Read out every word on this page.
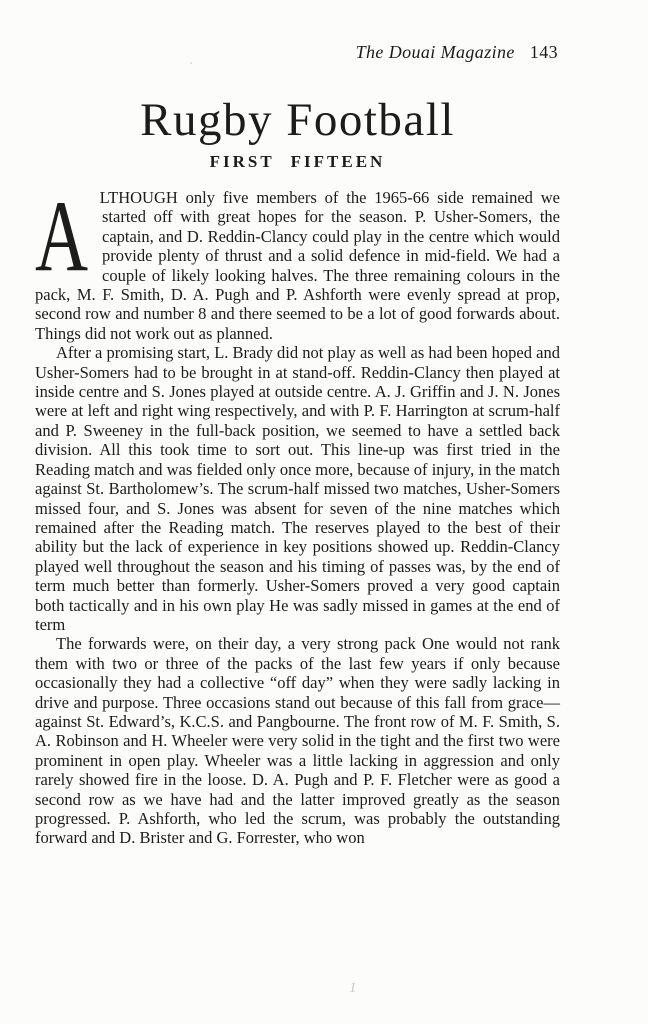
The Douai Magazine 143
Rugby Football
FIRST FIFTEEN

ALTHOUGH only five members of the 1965-66 side remained we started off with great hopes for the season. P. Usher-Somers, the captain, and D. Reddin-Clancy could play in the centre which would provide plenty of thrust and a solid defence in mid-field. We had a couple of likely looking halves. The three remaining colours in the pack, M. F. Smith, D. A. Pugh and P. Ashforth were evenly spread at prop, second row and number 8 and there seemed to be a lot of good forwards about. Things did not work out as planned.

After a promising start, L. Brady did not play as well as had been hoped and Usher-Somers had to be brought in at stand-off. Reddin-Clancy then played at inside centre and S. Jones played at outside centre. A. J. Griffin and J. N. Jones were at left and right wing respectively, and with P. F. Harrington at scrum-half and P. Sweeney in the full-back position, we seemed to have a settled back division. All this took time to sort out. This line-up was first tried in the Reading match and was fielded only once more, because of injury, in the match against St. Bartholomew’s. The scrum-half missed two matches, Usher-Somers missed four, and S. Jones was absent for seven of the nine matches which remained after the Reading match. The reserves played to the best of their ability but the lack of experience in key positions showed up. Reddin-Clancy played well throughout the season and his timing of passes was, by the end of term much better than formerly. Usher-Somers proved a very good captain both tactically and in his own play He was sadly missed in games at the end of term

The forwards were, on their day, a very strong pack One would not rank them with two or three of the packs of the last few years if only because occasionally they had a collective “off day” when they were sadly lacking in drive and purpose. Three occasions stand out because of this fall from grace—against St. Edward’s, K.C.S. and Pangbourne. The front row of M. F. Smith, S. A. Robinson and H. Wheeler were very solid in the tight and the first two were prominent in open play. Wheeler was a little lacking in aggression and only rarely showed fire in the loose. D. A. Pugh and P. F. Fletcher were as good a second row as we have had and the latter improved greatly as the season progressed. P. Ashforth, who led the scrum, was probably the outstanding forward and D. Brister and G. Forrester, who won

1
